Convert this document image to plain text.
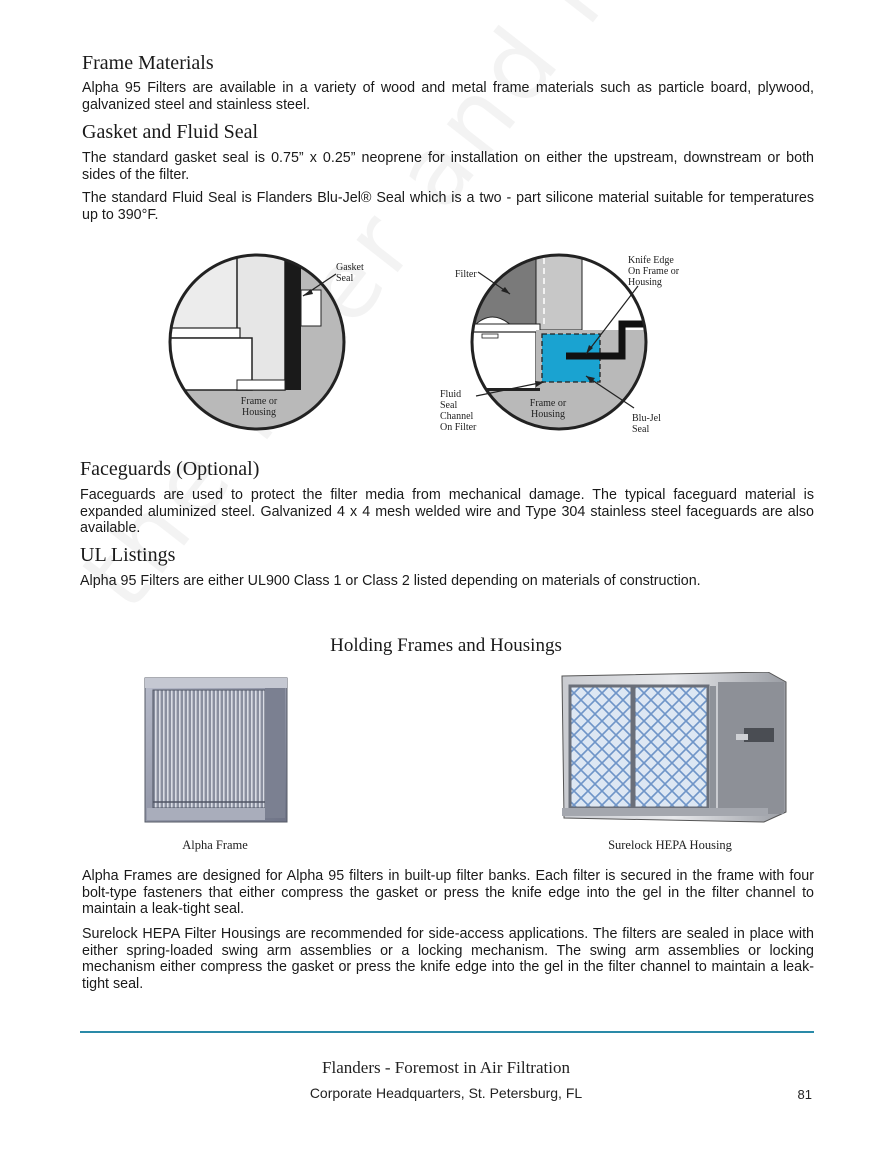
Frame Materials

Alpha 95 Filters are available in a variety of wood and metal frame materials such as particle board, plywood, galvanized steel and stainless steel.

Gasket and Fluid Seal

The standard gasket seal is 0.75” x 0.25” neoprene for installation on either the upstream, downstream or both sides of the filter.

The standard Fluid Seal is Flanders Blu-Jel® Seal which is a two - part silicone material suitable for temperatures up to 390°F.

Gasket
Seal
Frame or
Housing
Filter
Knife Edge
On Frame or
Housing
Fluid
Seal
Channel
On Filter
Frame or
Housing	Blu-Jel
Seal
Faceguards (Optional)

Faceguards are used to protect the filter media from mechanical damage. The typical faceguard material is expanded aluminized steel. Galvanized 4 x 4 mesh welded wire and Type 304 stainless steel faceguards are also available.

UL Listings

Alpha 95 Filters are either UL900 Class 1 or Class 2 listed depending on materials of construction.

Holding Frames and Housings
Alpha Frame	Surelock HEPA Housing

Alpha Frames are designed for Alpha 95 filters in built-up filter banks. Each filter is secured in the frame with four bolt-type fasteners that either compress the gasket or press the knife edge into the gel in the filter channel to maintain a leak-tight seal.

Surelock HEPA Filter Housings are recommended for side-access applications. The filters are sealed in place with either spring-loaded swing arm assemblies or a locking mechanism. The swing arm assemblies or locking mechanism either compress the gasket or press the knife edge into the gel in the filter channel to maintain a leak-tight seal.

Flanders - Foremost in Air Filtration
Corporate Headquarters, St. Petersburg, FL	81
